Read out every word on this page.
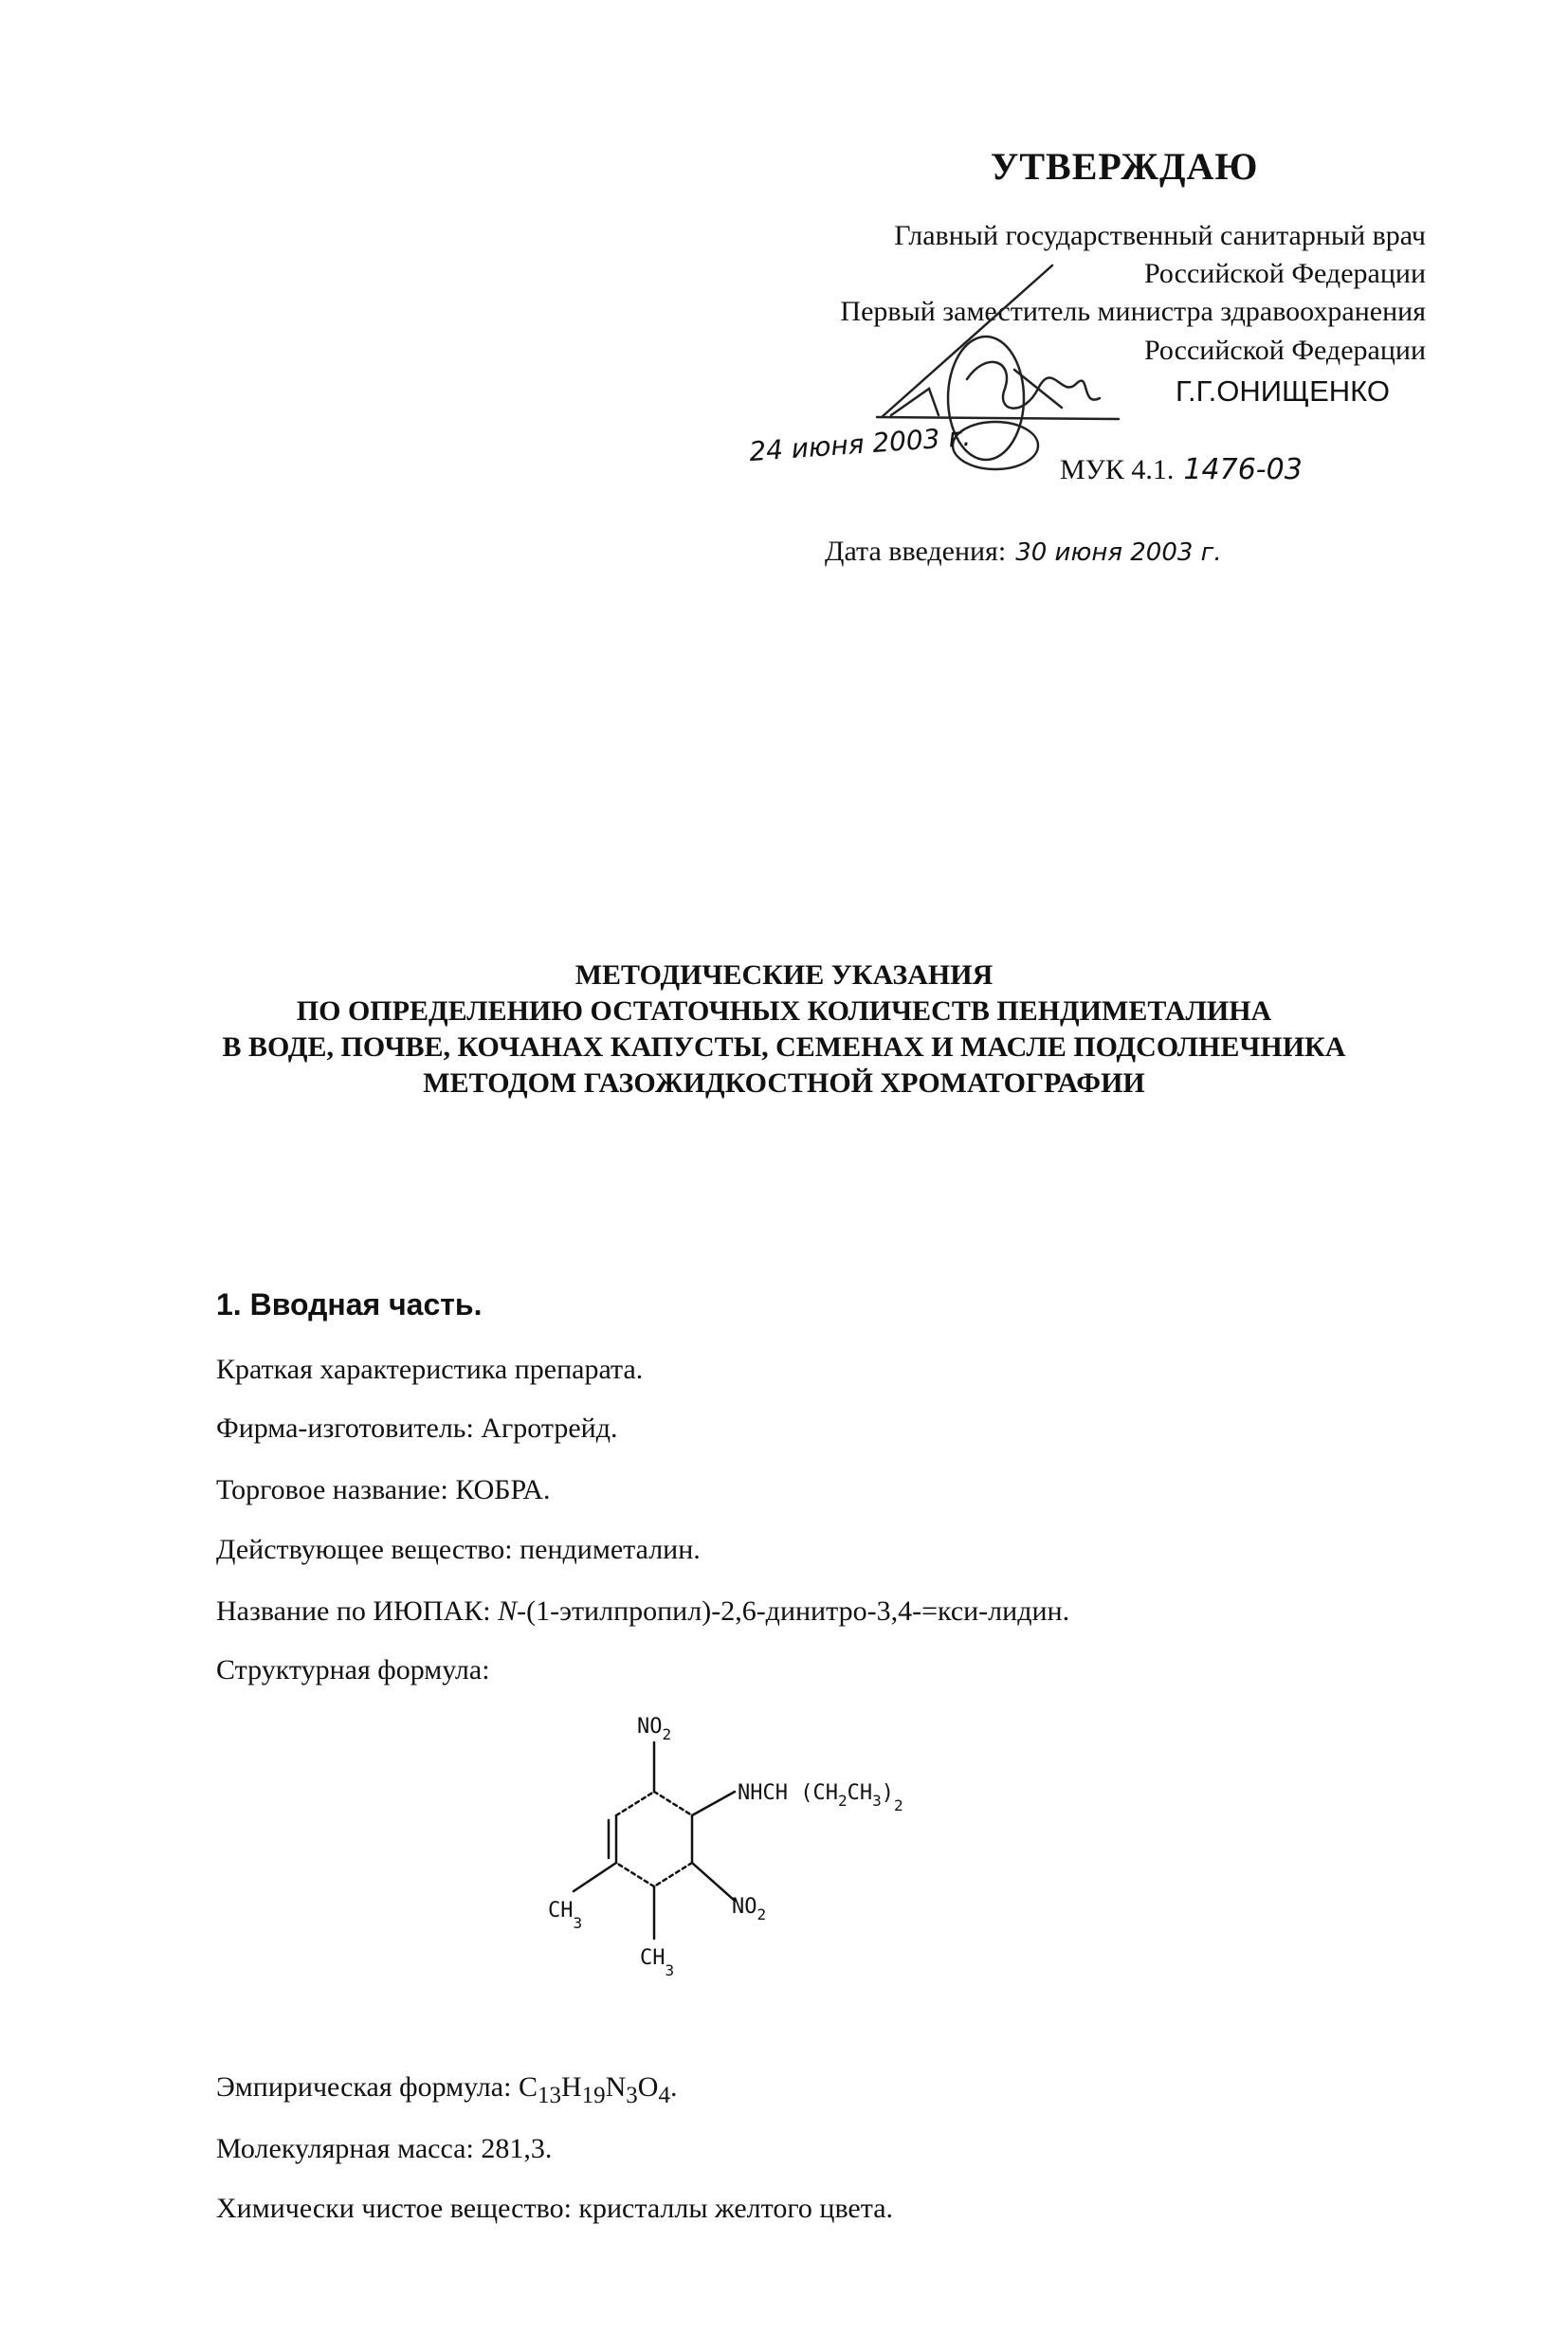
УТВЕРЖДАЮ
Главный государственный санитарный врач
Российской Федерации
Первый заместитель министра здравоохранения
Российской Федерации
Г.Г.ОНИЩЕНКО
24 июня 2003 г.
МУК 4.1. 1476-03
Дата введения: 30 июня 2003 г.
МЕТОДИЧЕСКИЕ УКАЗАНИЯ
ПО ОПРЕДЕЛЕНИЮ ОСТАТОЧНЫХ КОЛИЧЕСТВ ПЕНДИМЕТАЛИНА
В ВОДЕ, ПОЧВЕ, КОЧАНАХ КАПУСТЫ, СЕМЕНАХ И МАСЛЕ ПОДСОЛНЕЧНИКА
МЕТОДОМ ГАЗОЖИДКОСТНОЙ ХРОМАТОГРАФИИ
1. Вводная часть.
Краткая характеристика препарата.
Фирма-изготовитель: Агротрейд.
Торговое название: КОБРА.
Действующее вещество: пендиметалин.
Название по ИЮПАК: N-(1-этилпропил)-2,6-динитро-3,4-=кси-лидин.
Структурная формула:
$NO_2$
NHCH $(CH_2CH_3)_2$
$CH_3$
$NO_2$
$CH_3$
Эмпирическая формула: $C_{13}H_{19}N_3O_4$.
Молекулярная масса: 281,3.
Химически чистое вещество: кристаллы желтого цвета.
